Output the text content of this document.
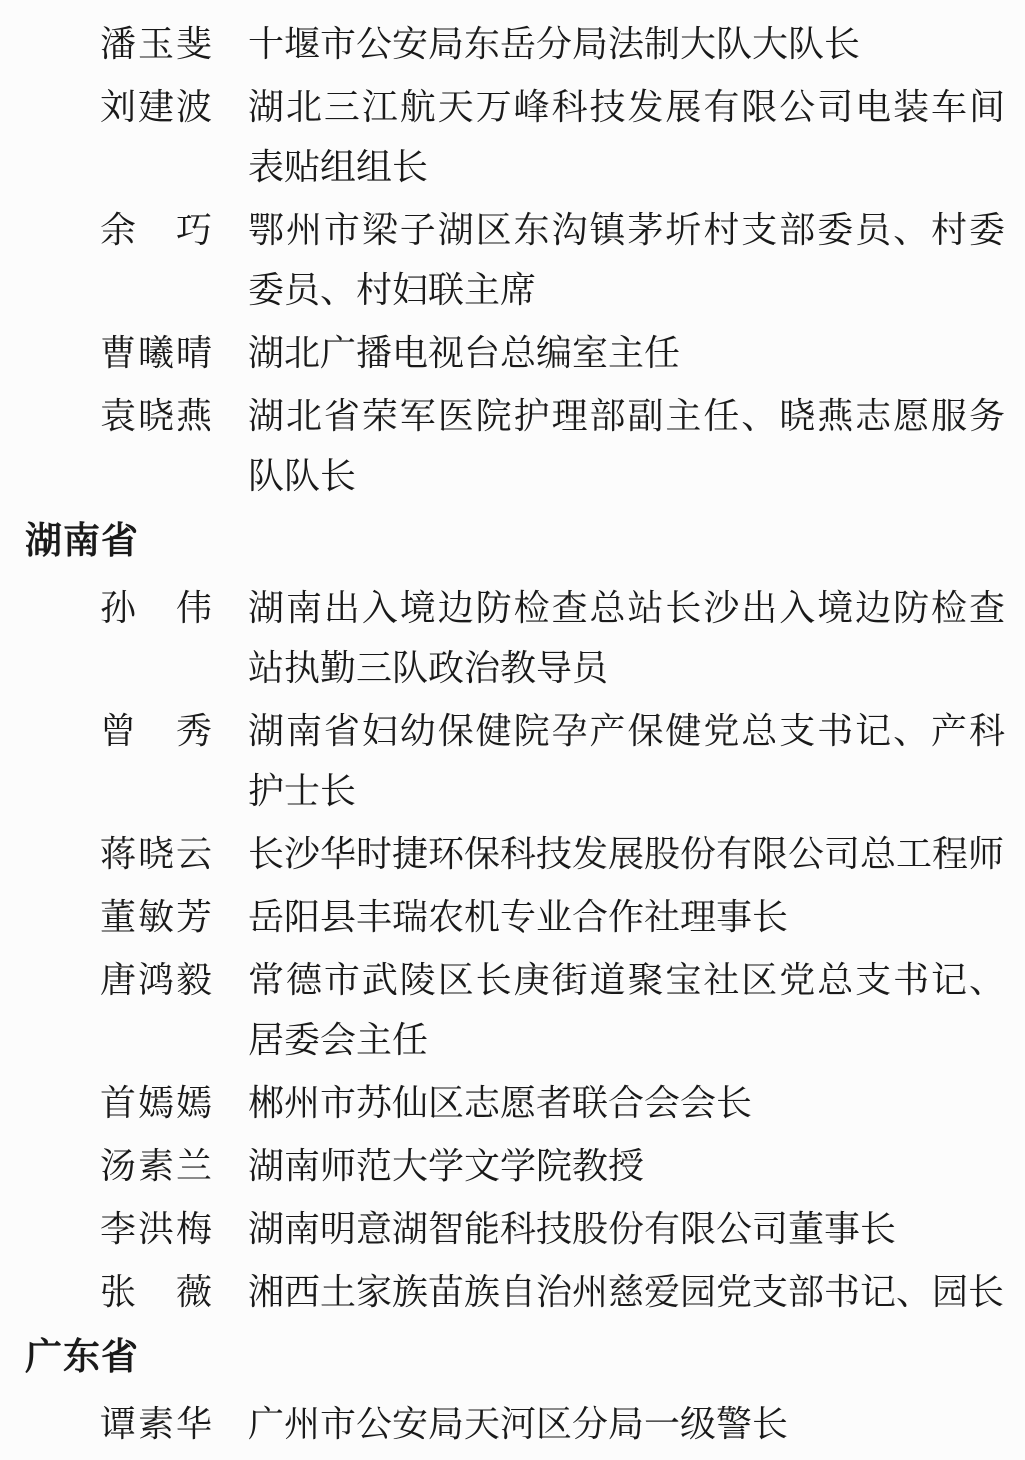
潘玉斐 十堰市公安局东岳分局法制大队大队长
刘建波 湖北三江航天万峰科技发展有限公司电装车间
表贴组组长
余　巧 鄂州市梁子湖区东沟镇茅圻村支部委员、村委
委员、村妇联主席
曹曦晴 湖北广播电视台总编室主任
袁晓燕 湖北省荣军医院护理部副主任、晓燕志愿服务
队队长
湖南省
孙　伟 湖南出入境边防检查总站长沙出入境边防检查
站执勤三队政治教导员
曾　秀 湖南省妇幼保健院孕产保健党总支书记、产科
护士长
蒋晓云 长沙华时捷环保科技发展股份有限公司总工程师
董敏芳 岳阳县丰瑞农机专业合作社理事长
唐鸿毅 常德市武陵区长庚街道聚宝社区党总支书记、
居委会主任
首嫣嫣 郴州市苏仙区志愿者联合会会长
汤素兰 湖南师范大学文学院教授
李洪梅 湖南明意湖智能科技股份有限公司董事长
张　薇 湘西土家族苗族自治州慈爱园党支部书记、园长
广东省
谭素华 广州市公安局天河区分局一级警长
